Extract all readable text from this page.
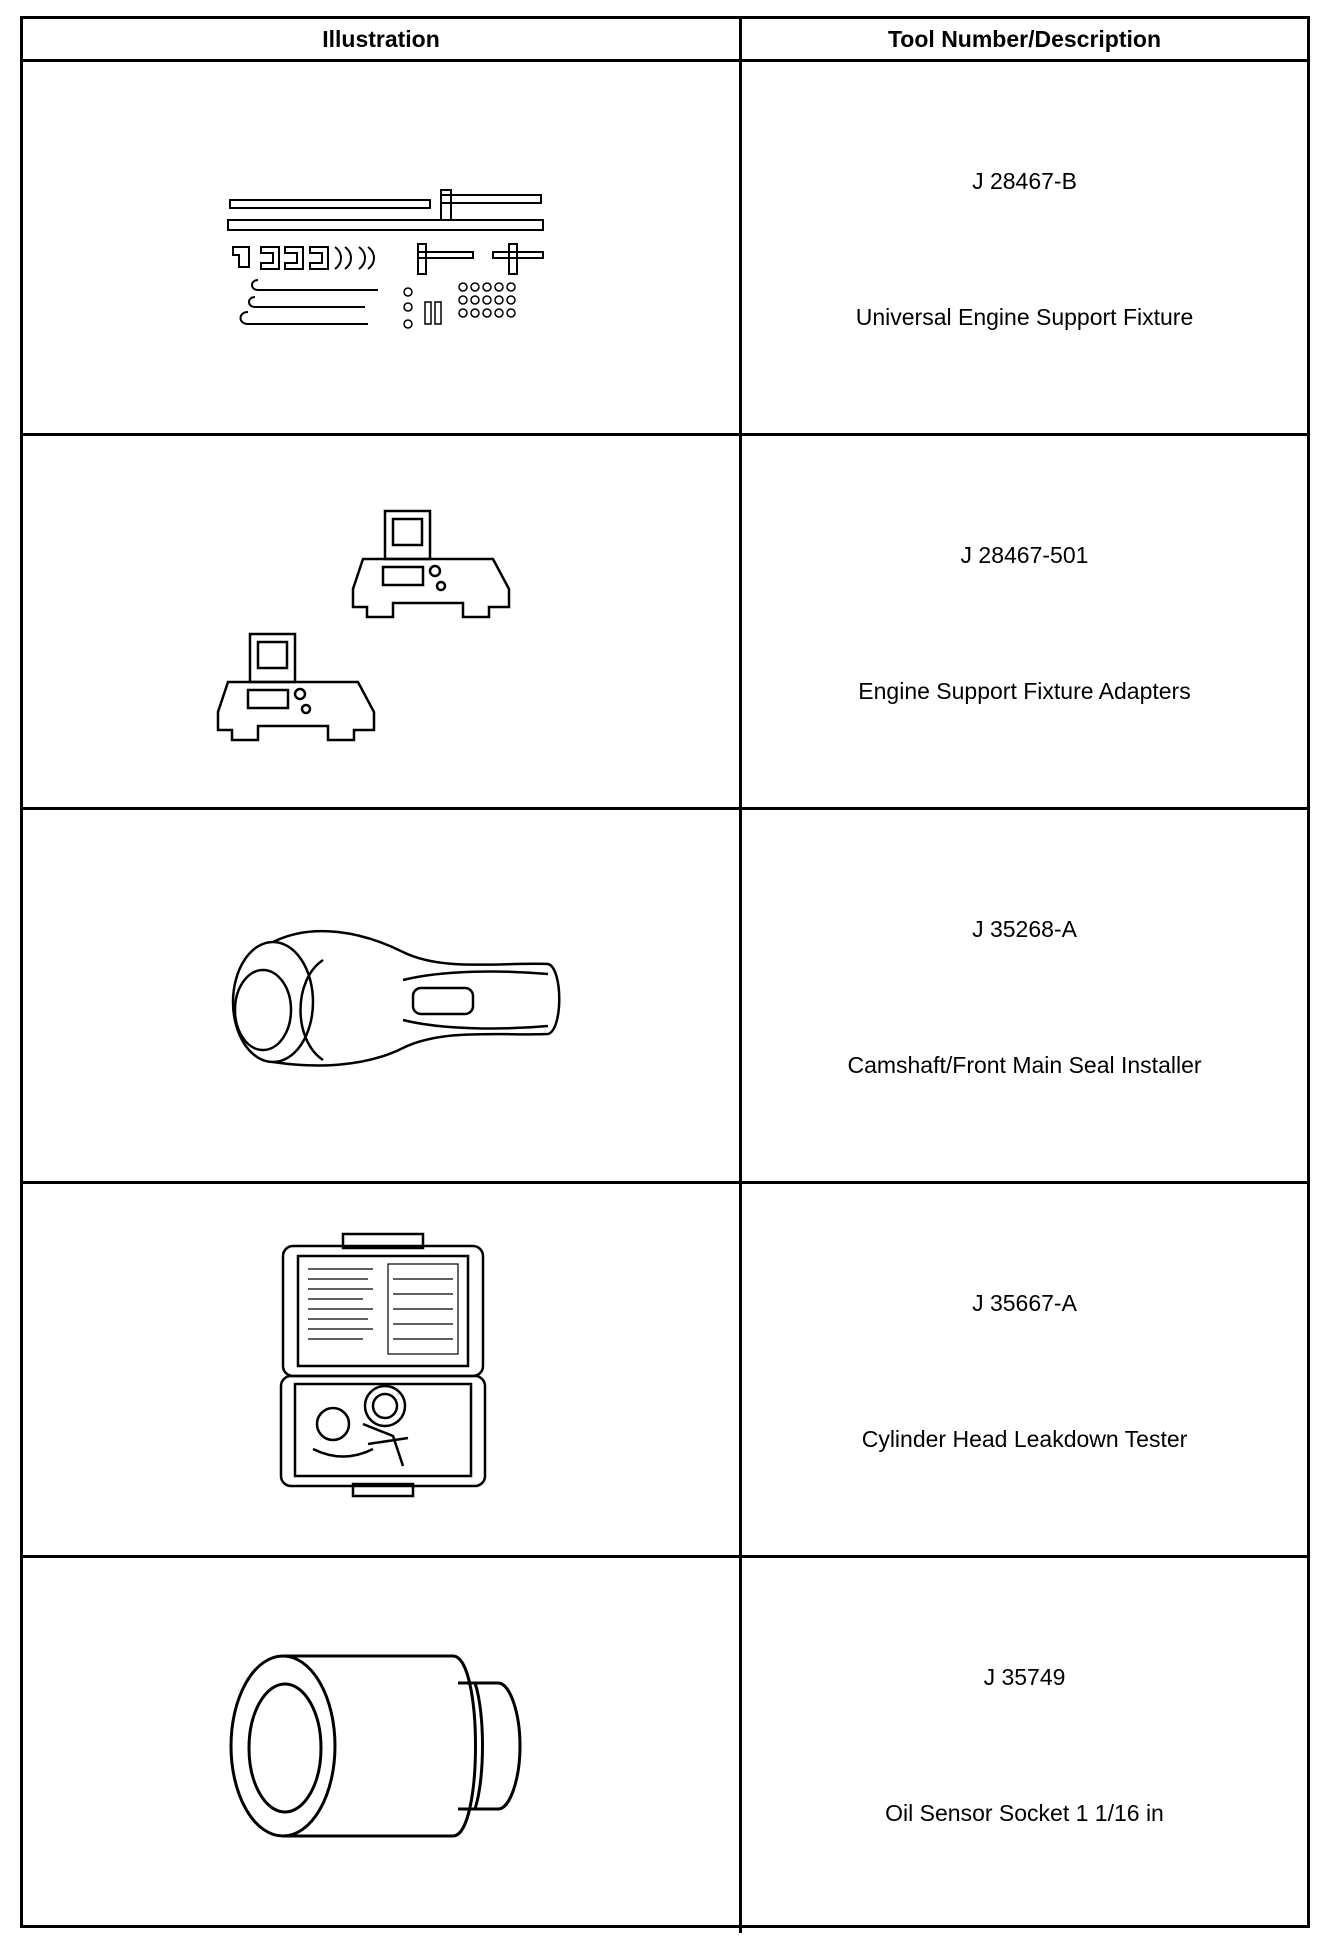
Illustration	Tool Number/Description
J 28467-B
Universal Engine Support Fixture
J 28467-501
Engine Support Fixture Adapters
J 35268-A
Camshaft/Front Main Seal Installer
J 35667-A
Cylinder Head Leakdown Tester
J 35749
Oil Sensor Socket 1 1/16 in
